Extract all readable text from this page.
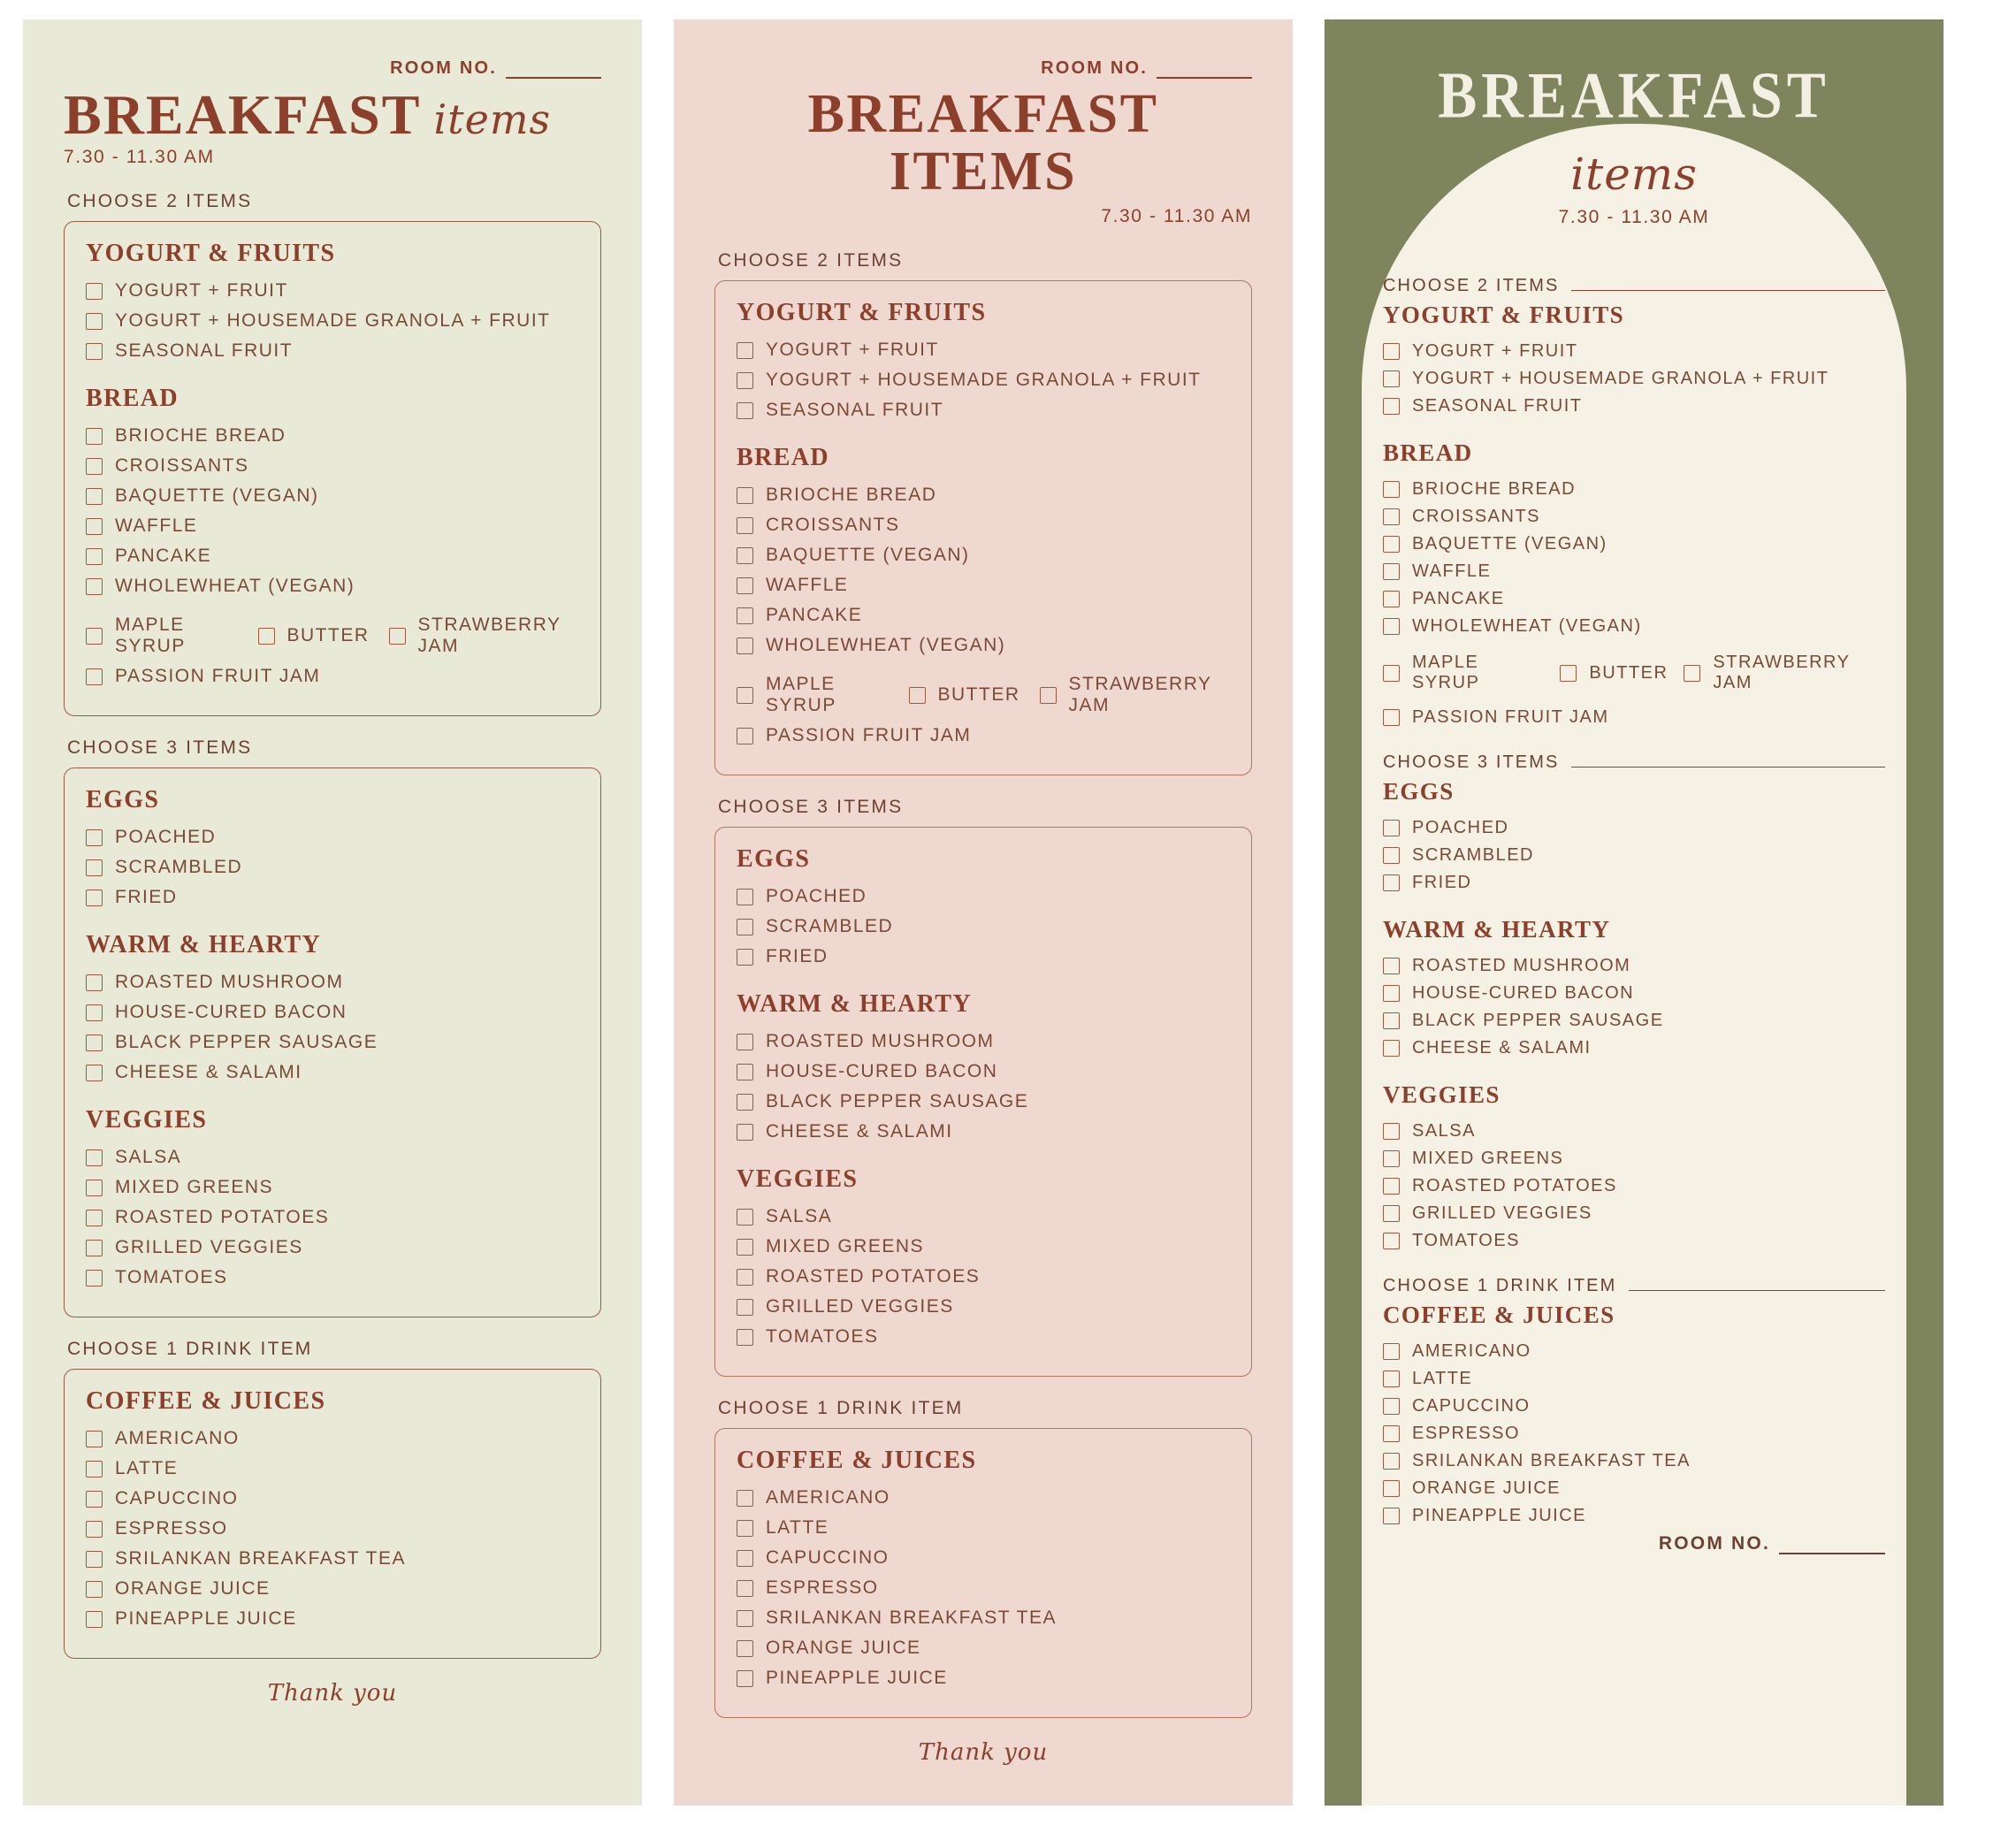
ROOM NO.
BREAKFAST items
7.30 - 11.30 AM
CHOOSE 2 ITEMS
YOGURT & FRUITS
YOGURT + FRUIT
YOGURT + HOUSEMADE GRANOLA + FRUIT
SEASONAL FRUIT
BREAD
BRIOCHE BREAD
CROISSANTS
BAQUETTE (VEGAN)
WAFFLE
PANCAKE
WHOLEWHEAT (VEGAN)
MAPLE SYRUP
BUTTER
STRAWBERRY JAM
PASSION FRUIT JAM
CHOOSE 3 ITEMS
EGGS
POACHED
SCRAMBLED
FRIED
WARM & HEARTY
ROASTED MUSHROOM
HOUSE-CURED BACON
BLACK PEPPER SAUSAGE
CHEESE & SALAMI
VEGGIES
SALSA
MIXED GREENS
ROASTED POTATOES
GRILLED VEGGIES
TOMATOES
CHOOSE 1 DRINK ITEM
COFFEE & JUICES
AMERICANO
LATTE
CAPUCCINO
ESPRESSO
SRILANKAN BREAKFAST TEA
ORANGE JUICE
PINEAPPLE JUICE
Thank you
ROOM NO.
BREAKFAST ITEMS
7.30 - 11.30 AM
CHOOSE 2 ITEMS
YOGURT & FRUITS
YOGURT + FRUIT
YOGURT + HOUSEMADE GRANOLA + FRUIT
SEASONAL FRUIT
BREAD
BRIOCHE BREAD
CROISSANTS
BAQUETTE (VEGAN)
WAFFLE
PANCAKE
WHOLEWHEAT (VEGAN)
MAPLE SYRUP
BUTTER
STRAWBERRY JAM
PASSION FRUIT JAM
CHOOSE 3 ITEMS
EGGS
POACHED
SCRAMBLED
FRIED
WARM & HEARTY
ROASTED MUSHROOM
HOUSE-CURED BACON
BLACK PEPPER SAUSAGE
CHEESE & SALAMI
VEGGIES
SALSA
MIXED GREENS
ROASTED POTATOES
GRILLED VEGGIES
TOMATOES
CHOOSE 1 DRINK ITEM
COFFEE & JUICES
AMERICANO
LATTE
CAPUCCINO
ESPRESSO
SRILANKAN BREAKFAST TEA
ORANGE JUICE
PINEAPPLE JUICE
Thank you
BREAKFAST
items
7.30 - 11.30 AM
CHOOSE 2 ITEMS
YOGURT & FRUITS
YOGURT + FRUIT
YOGURT + HOUSEMADE GRANOLA + FRUIT
SEASONAL FRUIT
BREAD
BRIOCHE BREAD
CROISSANTS
BAQUETTE (VEGAN)
WAFFLE
PANCAKE
WHOLEWHEAT (VEGAN)
MAPLE SYRUP
BUTTER
STRAWBERRY JAM
PASSION FRUIT JAM
CHOOSE 3 ITEMS
EGGS
POACHED
SCRAMBLED
FRIED
WARM & HEARTY
ROASTED MUSHROOM
HOUSE-CURED BACON
BLACK PEPPER SAUSAGE
CHEESE & SALAMI
VEGGIES
SALSA
MIXED GREENS
ROASTED POTATOES
GRILLED VEGGIES
TOMATOES
CHOOSE 1 DRINK ITEM
COFFEE & JUICES
AMERICANO
LATTE
CAPUCCINO
ESPRESSO
SRILANKAN BREAKFAST TEA
ORANGE JUICE
PINEAPPLE JUICE
ROOM NO.
